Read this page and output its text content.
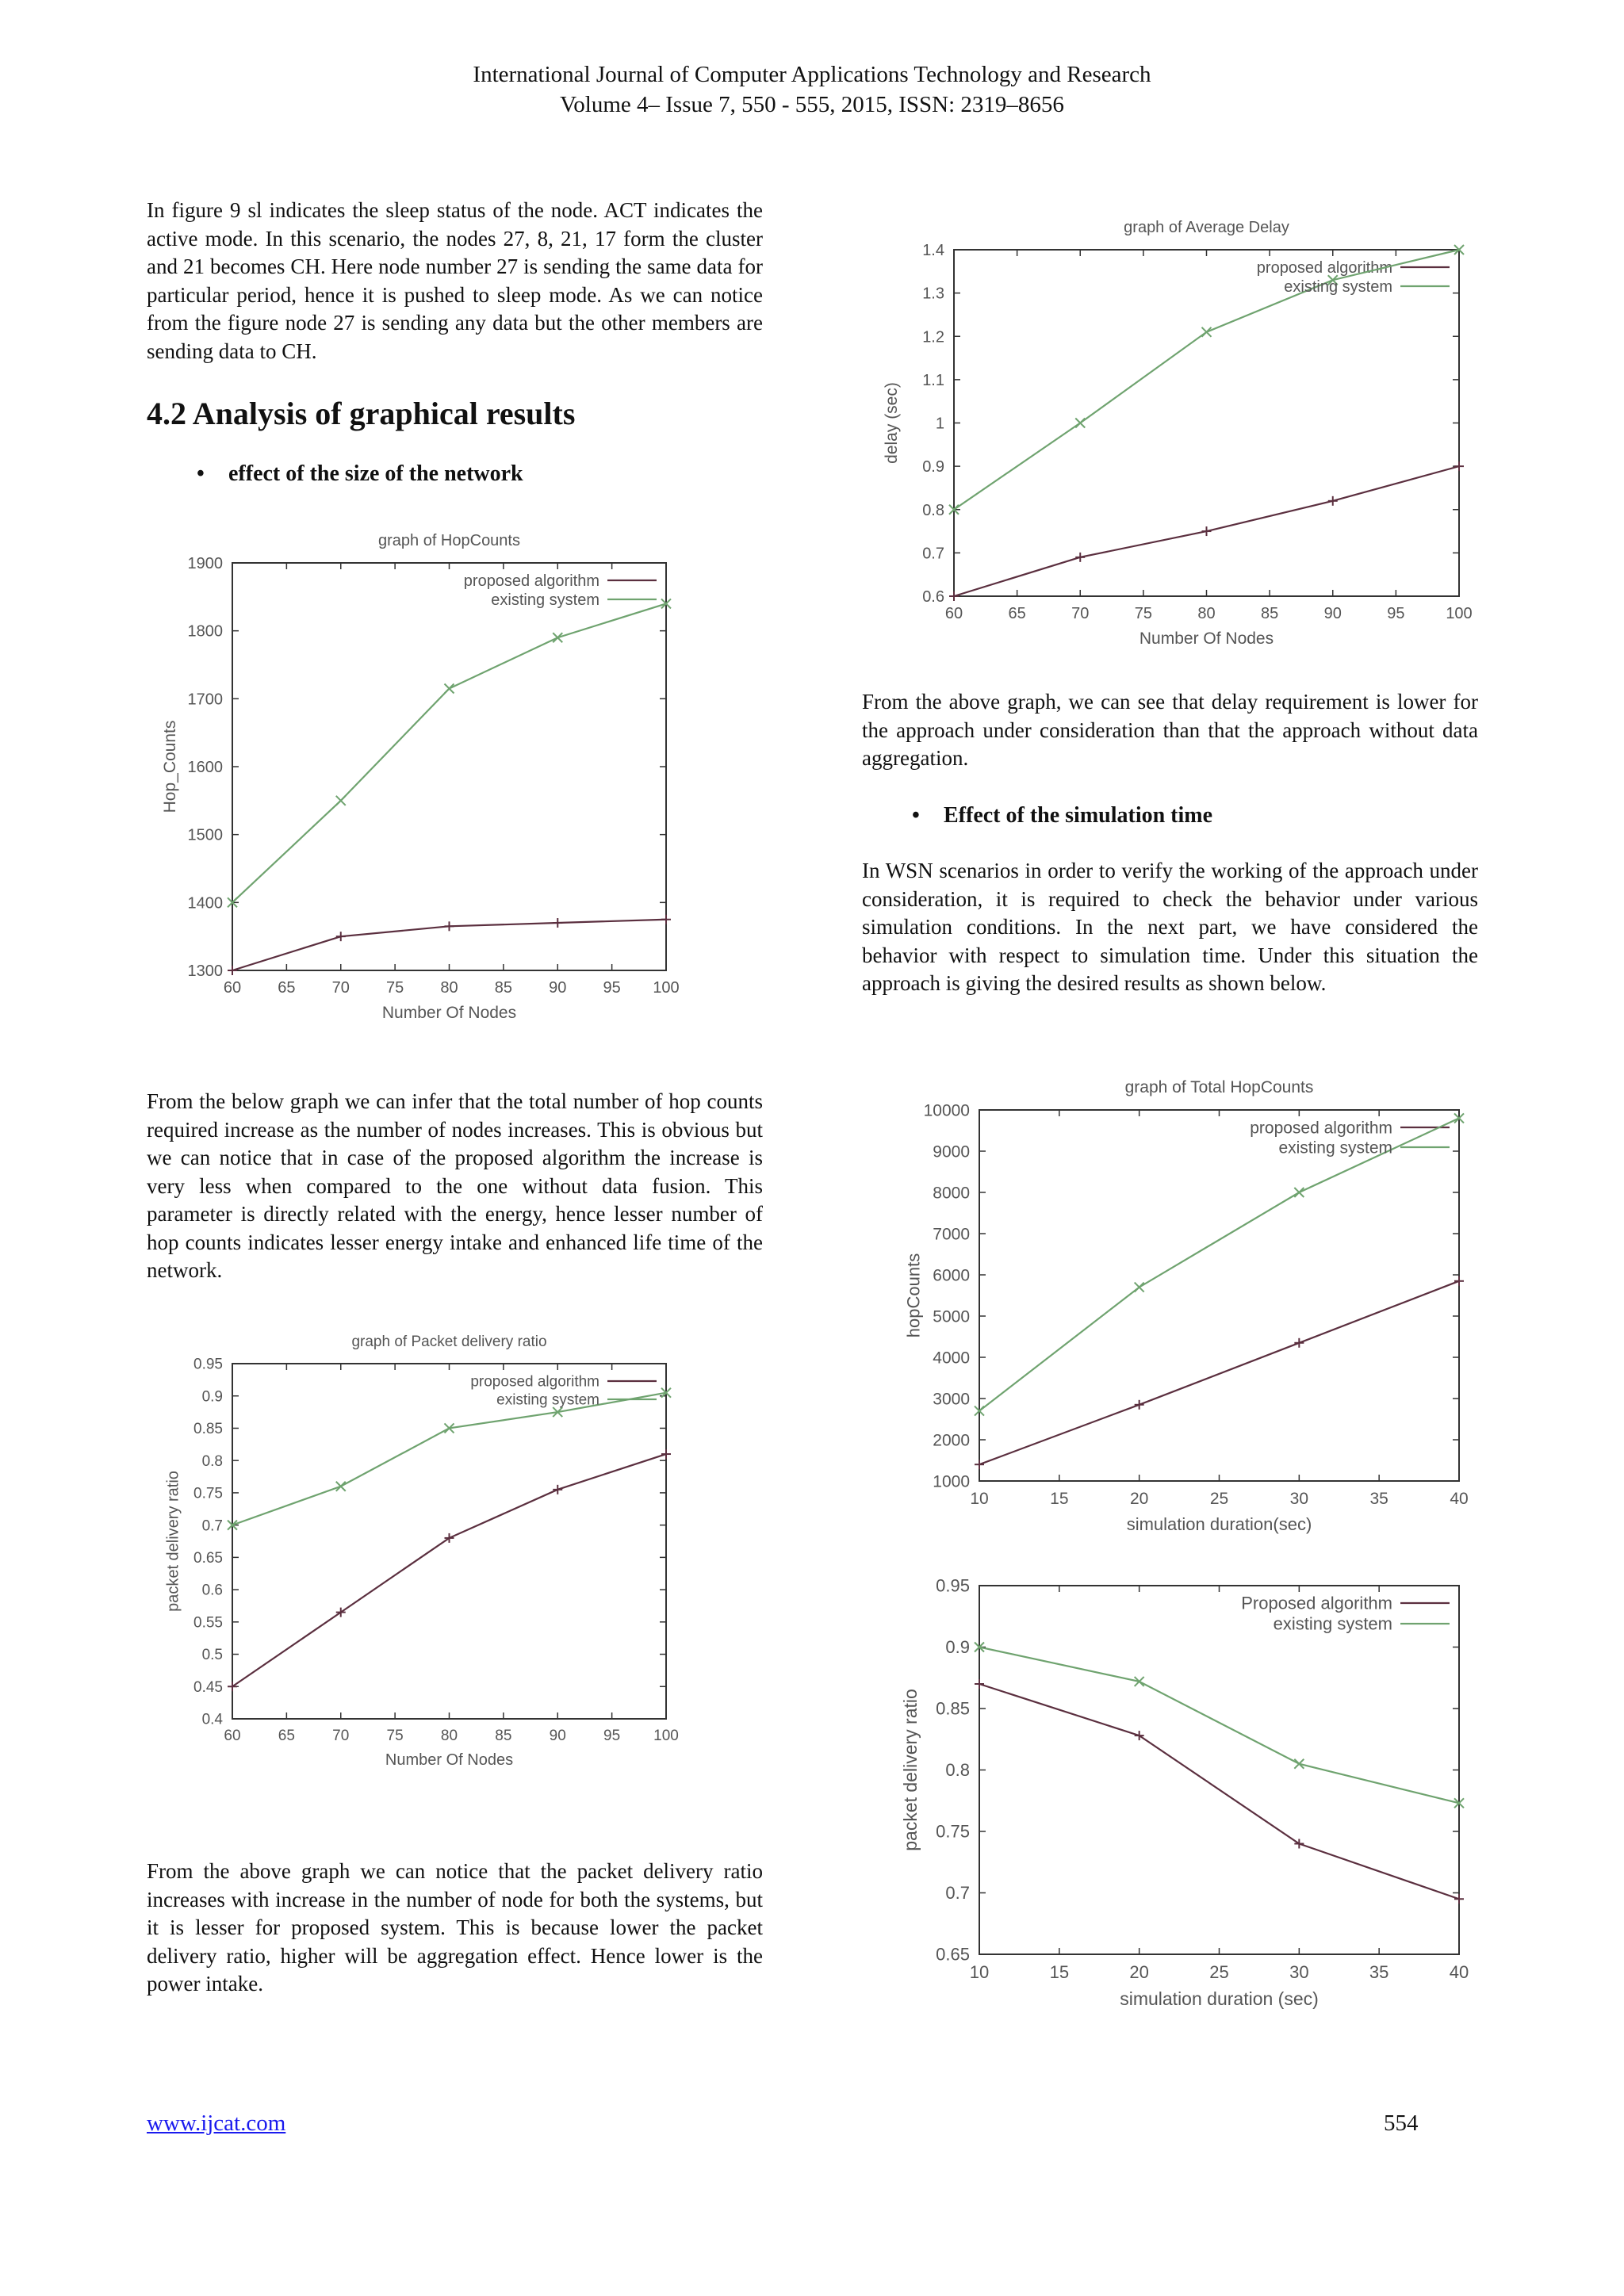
International Journal of Computer Applications Technology and Research
Volume 4– Issue 7, 550 - 555, 2015, ISSN: 2319–8656

In figure 9 sl indicates the sleep status of the node. ACT indicates the active mode. In this scenario, the nodes 27, 8, 21, 17 form the cluster and 21 becomes CH. Here node number 27 is sending the same data for particular period, hence it is pushed to sleep mode. As we can notice from the figure node 27 is sending any data but the other members are sending data to CH.

4.2 Analysis of graphical results
• effect of the size of the network
graph of HopCounts
60 65 70 75 80 85 90 95 100
1300
1400
1500
1600
1700
1800
1900
Number Of Nodes
Hop_Counts
proposed algorithm
existing system

From the below graph we can infer that the total number of hop counts required increase as the number of nodes increases. This is obvious but we can notice that in case of the proposed algorithm the increase is very less when compared to the one without data fusion. This parameter is directly related with the energy, hence lesser number of hop counts indicates lesser energy intake and enhanced life time of the network.

graph of Packet delivery ratio
60 65 70 75 80 85 90 95 100
0.4
0.45
0.5
0.55
0.6
0.65
0.7
0.75
0.8
0.85
0.9
0.95
Number Of Nodes
packet delivery ratio
proposed algorithm
existing system

From the above graph we can notice that the packet delivery ratio increases with increase in the number of node for both the systems, but it is lesser for proposed system. This is because lower the packet delivery ratio, higher will be aggregation effect. Hence lower is the power intake.

graph of Average Delay
60	65	70	75	80	85	90	95	100
0.6
0.7
0.8
0.9
1
1.1
1.2
1.3
1.4
Number Of Nodes
delay (sec)
proposed algorithm
existing system

From the above graph, we can see that delay requirement is lower for the approach under consideration than that the approach without data aggregation.

• Effect of the simulation time

In WSN scenarios in order to verify the working of the approach under consideration, it is required to check the behavior under various simulation conditions. In the next part, we have considered the behavior with respect to simulation time. Under this situation the approach is giving the desired results as shown below.

graph of Total HopCounts
10	15	20	25	30	35	40
1000
2000
3000
4000
5000
6000
7000
8000
9000
10000
simulation duration(sec)
hopCounts
proposed algorithm
existing system
10	15	20	25	30	35	40
0.65
0.7
0.75
0.8
0.85
0.9
0.95
simulation duration (sec)
packet delivery ratio
Proposed algorithm
existing system
www.ijcat.com	554
